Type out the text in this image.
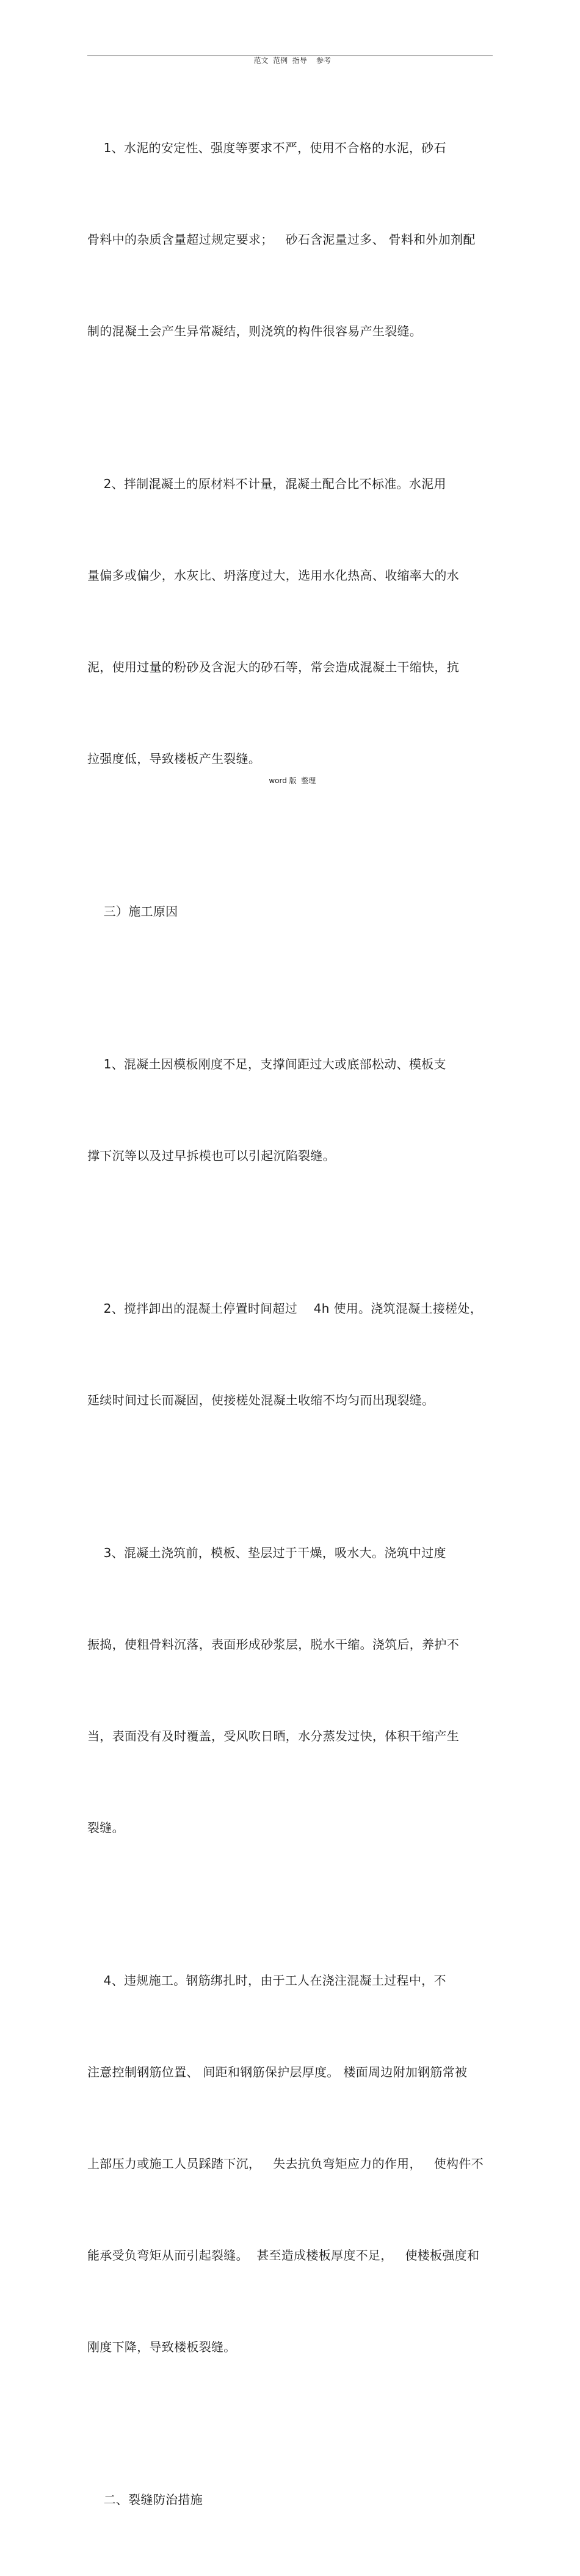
范文  范例  指导    参考

1、水泥的安定性、强度等要求不严，使用不合格的水泥，砂石

骨料中的杂质含量超过规定要求；   砂石含泥量过多、 骨料和外加剂配

制的混凝土会产生异常凝结，则浇筑的构件很容易产生裂缝。

2、拌制混凝土的原材料不计量，混凝土配合比不标准。水泥用

量偏多或偏少，水灰比、坍落度过大，选用水化热高、收缩率大的水

泥，使用过量的粉砂及含泥大的砂石等，常会造成混凝土干缩快，抗

拉强度低，导致楼板产生裂缝。

三）施工原因

1、混凝土因模板刚度不足，支撑间距过大或底部松动、模板支

撑下沉等以及过早拆模也可以引起沉陷裂缝。

2、搅拌卸出的混凝土停置时间超过    4h 使用。浇筑混凝土接槎处，

延续时间过长而凝固，使接槎处混凝土收缩不均匀而出现裂缝。

3、混凝土浇筑前，模板、垫层过于干燥，吸水大。浇筑中过度

振捣，使粗骨料沉落，表面形成砂浆层，脱水干缩。浇筑后，养护不

当，表面没有及时覆盖，受风吹日晒，水分蒸发过快，体积干缩产生

裂缝。

4、违规施工。钢筋绑扎时，由于工人在浇注混凝土过程中，不

注意控制钢筋位置、 间距和钢筋保护层厚度。 楼面周边附加钢筋常被

上部压力或施工人员踩踏下沉，   失去抗负弯矩应力的作用，   使构件不

能承受负弯矩从而引起裂缝。  甚至造成楼板厚度不足，   使楼板强度和

刚度下降，导致楼板裂缝。

二、裂缝防治措施

word 版  整理
